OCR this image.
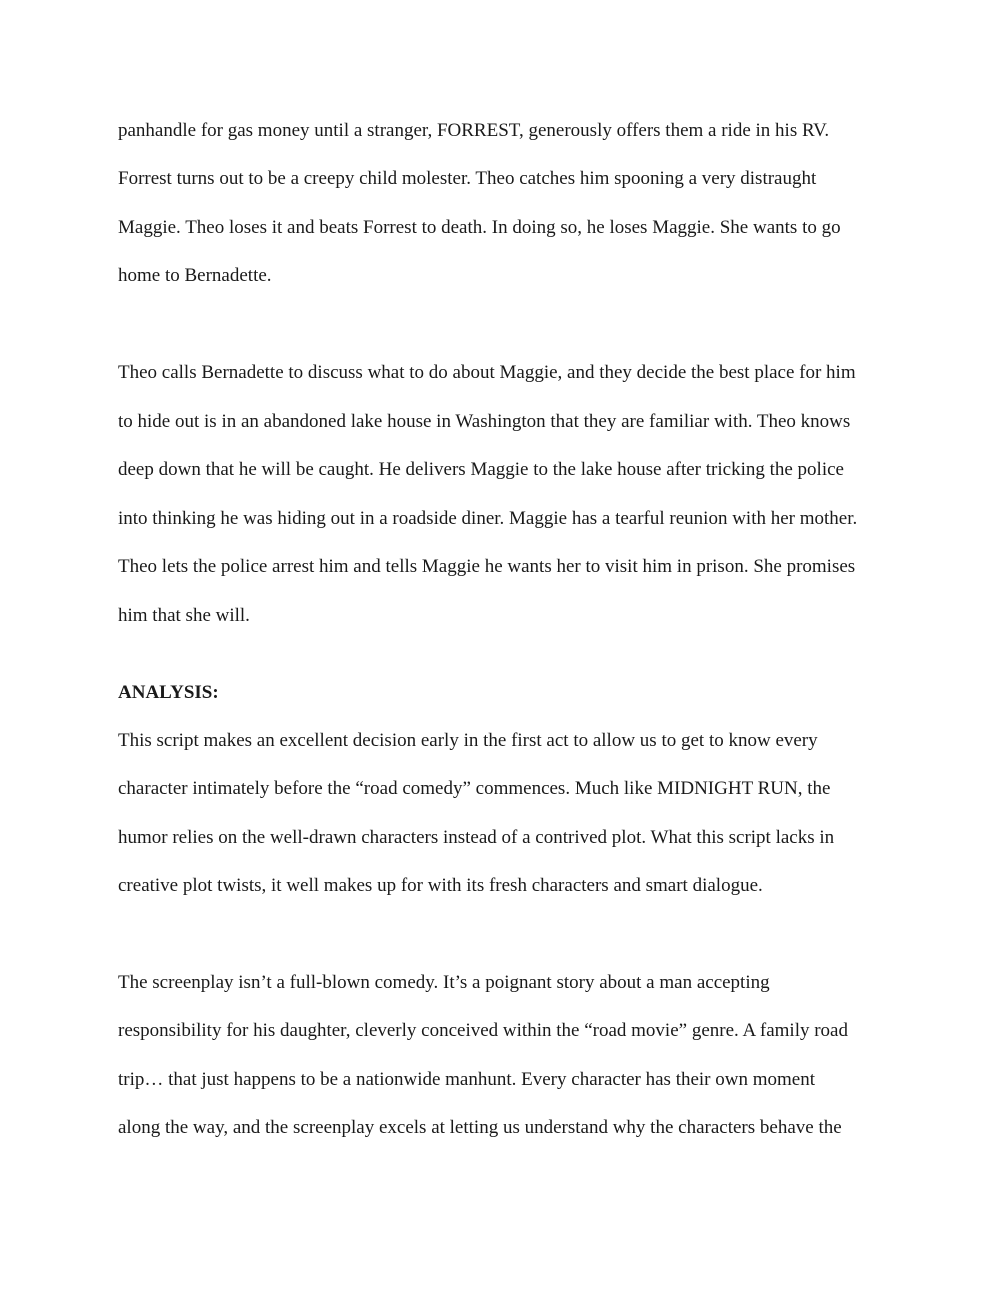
panhandle for gas money until a stranger, FORREST, generously offers them a ride in his RV.
Forrest turns out to be a creepy child molester. Theo catches him spooning a very distraught
Maggie. Theo loses it and beats Forrest to death. In doing so, he loses Maggie. She wants to go
home to Bernadette.
Theo calls Bernadette to discuss what to do about Maggie, and they decide the best place for him
to hide out is in an abandoned lake house in Washington that they are familiar with. Theo knows
deep down that he will be caught. He delivers Maggie to the lake house after tricking the police
into thinking he was hiding out in a roadside diner. Maggie has a tearful reunion with her mother.
Theo lets the police arrest him and tells Maggie he wants her to visit him in prison. She promises
him that she will.
ANALYSIS:
This script makes an excellent decision early in the first act to allow us to get to know every
character intimately before the “road comedy” commences. Much like MIDNIGHT RUN, the
humor relies on the well-drawn characters instead of a contrived plot. What this script lacks in
creative plot twists, it well makes up for with its fresh characters and smart dialogue.
The screenplay isn’t a full-blown comedy. It’s a poignant story about a man accepting
responsibility for his daughter, cleverly conceived within the “road movie” genre. A family road
trip… that just happens to be a nationwide manhunt. Every character has their own moment
along the way, and the screenplay excels at letting us understand why the characters behave the
